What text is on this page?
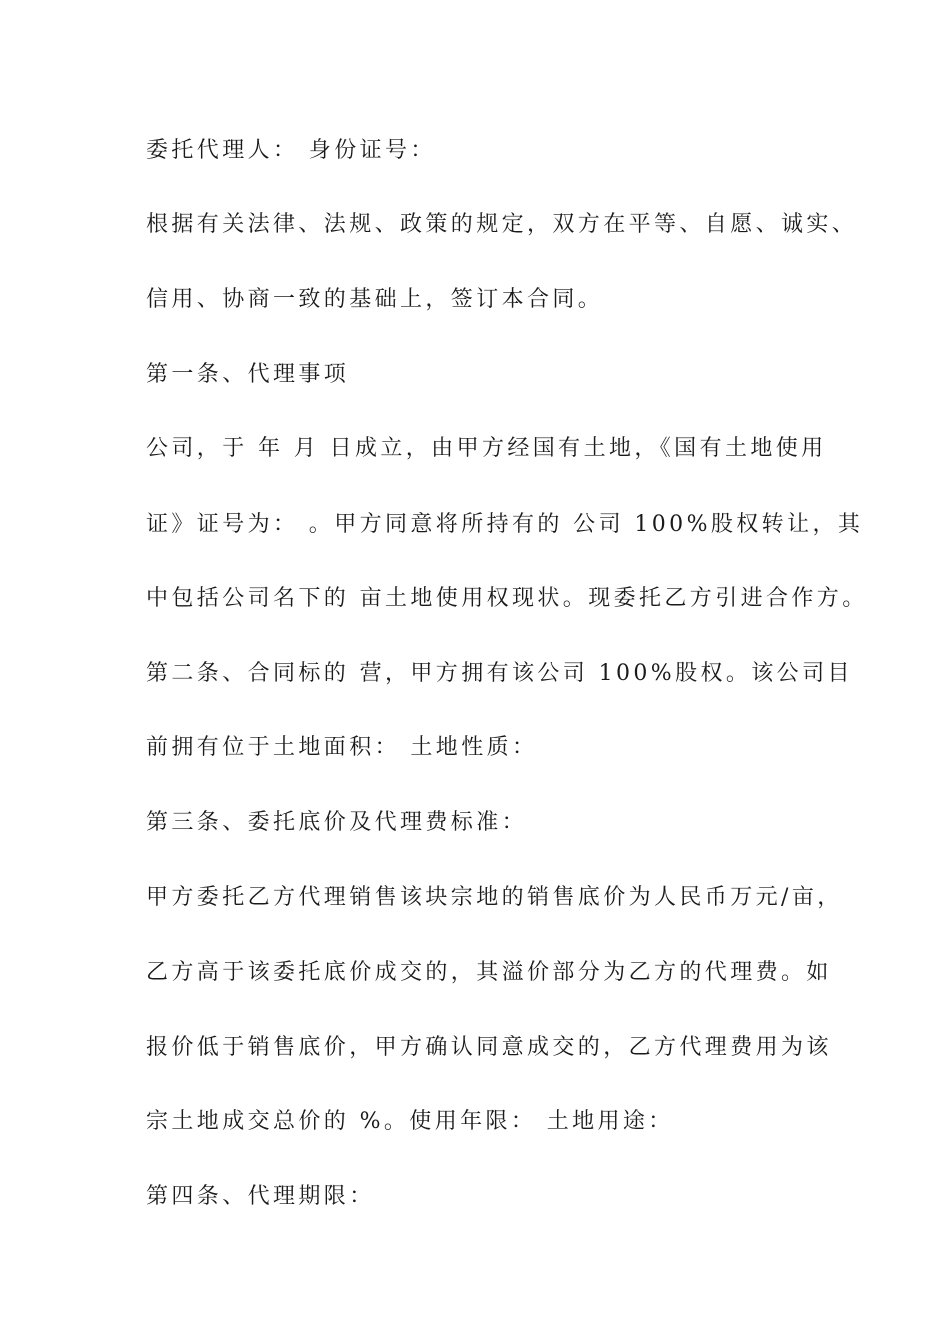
委托代理人： 身份证号：
根据有关法律、法规、政策的规定，双方在平等、自愿、诚实、
信用、协商一致的基础上，签订本合同。
第一条、代理事项
公司，于 年 月 日成立，由甲方经国有土地，《国有土地使用
证》证号为： 。甲方同意将所持有的 公司 100%股权转让，其
中包括公司名下的 亩土地使用权现状。现委托乙方引进合作方。
第二条、合同标的 营，甲方拥有该公司 100%股权。该公司目
前拥有位于土地面积： 土地性质：
第三条、委托底价及代理费标准：
甲方委托乙方代理销售该块宗地的销售底价为人民币万元/亩，
乙方高于该委托底价成交的，其溢价部分为乙方的代理费。如
报价低于销售底价，甲方确认同意成交的，乙方代理费用为该
宗土地成交总价的 %。使用年限： 土地用途：
第四条、代理期限：
